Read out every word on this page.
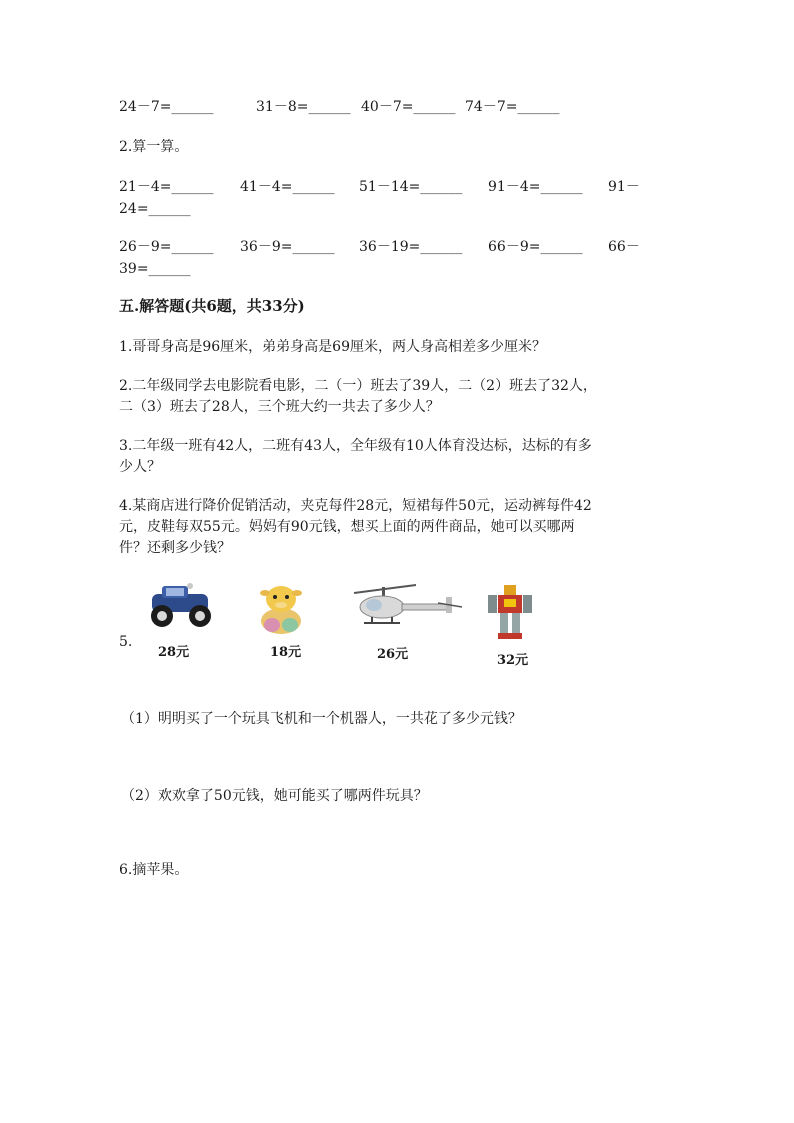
24－7=______	31－8=______ 40－7=______ 74－7=______
2.算一算。
21－4=______ 41－4=______ 51－14=______ 91－4=______ 91－
24=______
26－9=______ 36－9=______ 36－19=______ 66－9=______ 66－
39=______
五.解答题(共6题，共33分)
1.哥哥身高是96厘米，弟弟身高是69厘米，两人身高相差多少厘米？
2.二年级同学去电影院看电影，二（一）班去了39人，二（2）班去了32人，
二（3）班去了28人，三个班大约一共去了多少人？
3.二年级一班有42人，二班有43人，全年级有10人体育没达标，达标的有多
少人？
4.某商店进行降价促销活动，夹克每件28元，短裙每件50元，运动裤每件42
元，皮鞋每双55元。妈妈有90元钱，想买上面的两件商品，她可以买哪两
件？还剩多少钱？
5.
28元	18元	26元	32元
（1）明明买了一个玩具飞机和一个机器人，一共花了多少元钱？
（2）欢欢拿了50元钱，她可能买了哪两件玩具？
6.摘苹果。
